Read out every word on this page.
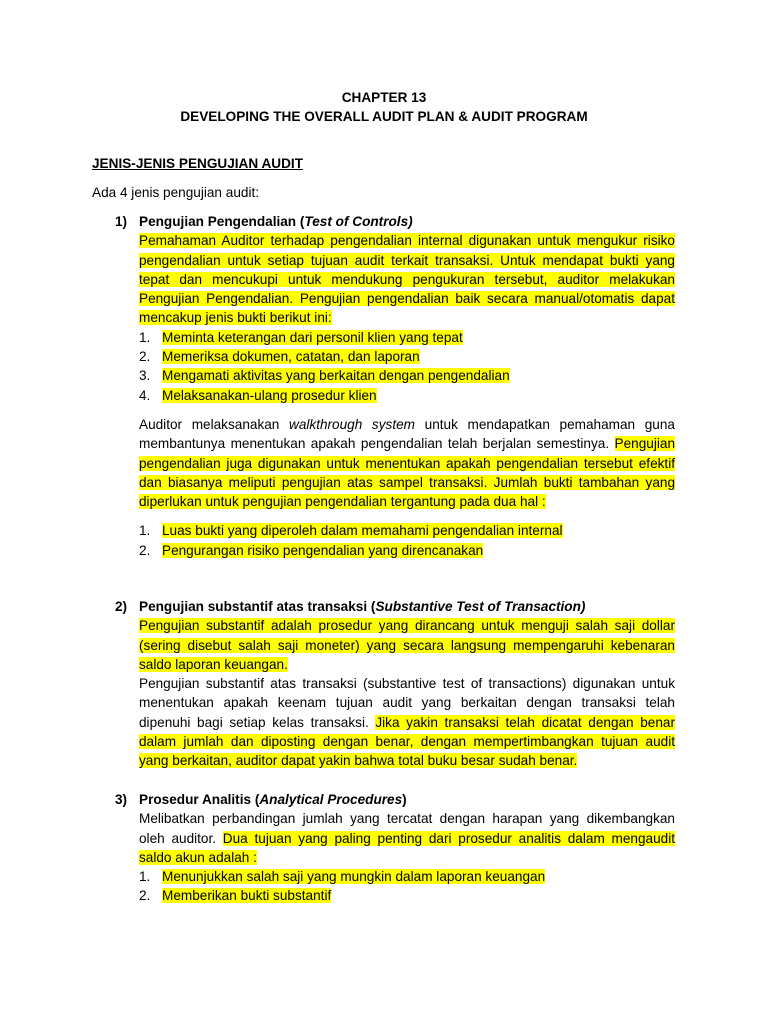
CHAPTER 13
DEVELOPING THE OVERALL AUDIT PLAN & AUDIT PROGRAM
JENIS-JENIS PENGUJIAN AUDIT
Ada 4 jenis pengujian audit:
1) Pengujian Pengendalian (Test of Controls)
Pemahaman Auditor terhadap pengendalian internal digunakan untuk mengukur risiko pengendalian untuk setiap tujuan audit terkait transaksi. Untuk mendapat bukti yang tepat dan mencukupi untuk mendukung pengukuran tersebut, auditor melakukan Pengujian Pengendalian. Pengujian pengendalian baik secara manual/otomatis dapat mencakup jenis bukti berikut ini:
1. Meminta keterangan dari personil klien yang tepat
2. Memeriksa dokumen, catatan, dan laporan
3. Mengamati aktivitas yang berkaitan dengan pengendalian
4. Melaksanakan-ulang prosedur klien
Auditor melaksanakan walkthrough system untuk mendapatkan pemahaman guna membantunya menentukan apakah pengendalian telah berjalan semestinya. Pengujian pengendalian juga digunakan untuk menentukan apakah pengendalian tersebut efektif dan biasanya meliputi pengujian atas sampel transaksi. Jumlah bukti tambahan yang diperlukan untuk pengujian pengendalian tergantung pada dua hal :
1. Luas bukti yang diperoleh dalam memahami pengendalian internal
2. Pengurangan risiko pengendalian yang direncanakan
2) Pengujian substantif atas transaksi (Substantive Test of Transaction)
Pengujian substantif adalah prosedur yang dirancang untuk menguji salah saji dollar (sering disebut salah saji moneter) yang secara langsung mempengaruhi kebenaran saldo laporan keuangan.
Pengujian substantif atas transaksi (substantive test of transactions) digunakan untuk menentukan apakah keenam tujuan audit yang berkaitan dengan transaksi telah dipenuhi bagi setiap kelas transaksi. Jika yakin transaksi telah dicatat dengan benar dalam jumlah dan diposting dengan benar, dengan mempertimbangkan tujuan audit yang berkaitan, auditor dapat yakin bahwa total buku besar sudah benar.
3) Prosedur Analitis (Analytical Procedures)
Melibatkan perbandingan jumlah yang tercatat dengan harapan yang dikembangkan oleh auditor. Dua tujuan yang paling penting dari prosedur analitis dalam mengaudit saldo akun adalah :
1. Menunjukkan salah saji yang mungkin dalam laporan keuangan
2. Memberikan bukti substantif
